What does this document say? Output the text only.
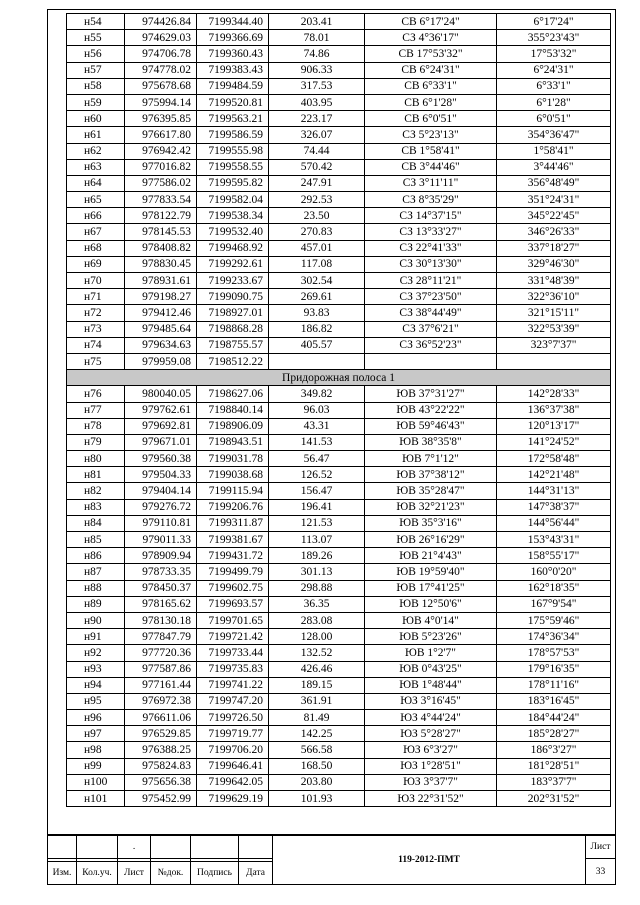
н54	974426.84	7199344.40	203.41	СВ 6°17'24"	6°17'24"
н55	974629.03	7199366.69	78.01	СЗ 4°36'17"	355°23'43"
н56	974706.78	7199360.43	74.86	СВ 17°53'32"	17°53'32"
н57	974778.02	7199383.43	906.33	СВ 6°24'31"	6°24'31"
н58	975678.68	7199484.59	317.53	СВ 6°33'1"	6°33'1"
н59	975994.14	7199520.81	403.95	СВ 6°1'28"	6°1'28"
н60	976395.85	7199563.21	223.17	СВ 6°0'51"	6°0'51"
н61	976617.80	7199586.59	326.07	СЗ 5°23'13"	354°36'47"
н62	976942.42	7199555.98	74.44	СВ 1°58'41"	1°58'41"
н63	977016.82	7199558.55	570.42	СВ 3°44'46"	3°44'46"
н64	977586.02	7199595.82	247.91	СЗ 3°11'11"	356°48'49"
н65	977833.54	7199582.04	292.53	СЗ 8°35'29"	351°24'31"
н66	978122.79	7199538.34	23.50	СЗ 14°37'15"	345°22'45"
н67	978145.53	7199532.40	270.83	СЗ 13°33'27"	346°26'33"
н68	978408.82	7199468.92	457.01	СЗ 22°41'33"	337°18'27"
н69	978830.45	7199292.61	117.08	СЗ 30°13'30"	329°46'30"
н70	978931.61	7199233.67	302.54	СЗ 28°11'21"	331°48'39"
н71	979198.27	7199090.75	269.61	СЗ 37°23'50"	322°36'10"
н72	979412.46	7198927.01	93.83	СЗ 38°44'49"	321°15'11"
н73	979485.64	7198868.28	186.82	СЗ 37°6'21"	322°53'39"
н74	979634.63	7198755.57	405.57	СЗ 36°52'23"	323°7'37"
н75	979959.08	7198512.22			
Придорожная полоса 1					
н76	980040.05	7198627.06	349.82	ЮВ 37°31'27"	142°28'33"
н77	979762.61	7198840.14	96.03	ЮВ 43°22'22"	136°37'38"
н78	979692.81	7198906.09	43.31	ЮВ 59°46'43"	120°13'17"
н79	979671.01	7198943.51	141.53	ЮВ 38°35'8"	141°24'52"
н80	979560.38	7199031.78	56.47	ЮВ 7°1'12"	172°58'48"
н81	979504.33	7199038.68	126.52	ЮВ 37°38'12"	142°21'48"
н82	979404.14	7199115.94	156.47	ЮВ 35°28'47"	144°31'13"
н83	979276.72	7199206.76	196.41	ЮВ 32°21'23"	147°38'37"
н84	979110.81	7199311.87	121.53	ЮВ 35°3'16"	144°56'44"
н85	979011.33	7199381.67	113.07	ЮВ 26°16'29"	153°43'31"
н86	978909.94	7199431.72	189.26	ЮВ 21°4'43"	158°55'17"
н87	978733.35	7199499.79	301.13	ЮВ 19°59'40"	160°0'20"
н88	978450.37	7199602.75	298.88	ЮВ 17°41'25"	162°18'35"
н89	978165.62	7199693.57	36.35	ЮВ 12°50'6"	167°9'54"
н90	978130.18	7199701.65	283.08	ЮВ 4°0'14"	175°59'46"
н91	977847.79	7199721.42	128.00	ЮВ 5°23'26"	174°36'34"
н92	977720.36	7199733.44	132.52	ЮВ 1°2'7"	178°57'53"
н93	977587.86	7199735.83	426.46	ЮВ 0°43'25"	179°16'35"
н94	977161.44	7199741.22	189.15	ЮВ 1°48'44"	178°11'16"
н95	976972.38	7199747.20	361.91	ЮЗ 3°16'45"	183°16'45"
н96	976611.06	7199726.50	81.49	ЮЗ 4°44'24"	184°44'24"
н97	976529.85	7199719.77	142.25	ЮЗ 5°28'27"	185°28'27"
н98	976388.25	7199706.20	566.58	ЮЗ 6°3'27"	186°3'27"
н99	975824.83	7199646.41	168.50	ЮЗ 1°28'51"	181°28'51"
н100	975656.38	7199642.05	203.80	ЮЗ 3°37'7"	183°37'7"
н101	975452.99	7199629.19	101.93	ЮЗ 22°31'52"	202°31'52"
		.				119-2012-ПМТ	Лист
							33
Изм.	Кол.уч.	Лист	№док.	Подпись	Дата		
